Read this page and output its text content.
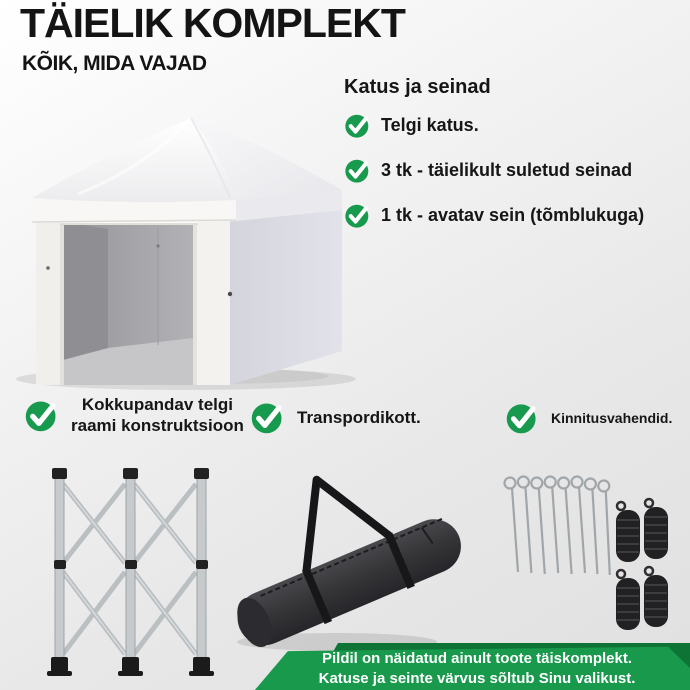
TÄIELIK KOMPLEKT
KÕIK, MIDA VAJAD
Katus ja seinad
Telgi katus.
3 tk - täielikult suletud seinad
1 tk - avatav sein (tõmblukuga)
Kokkupandav telgi
raami konstruktsioon	Transpordikott.	Kinnitusvahendid.
Pildil on näidatud ainult toote täiskomplekt.
Katuse ja seinte värvus sõltub Sinu valikust.
